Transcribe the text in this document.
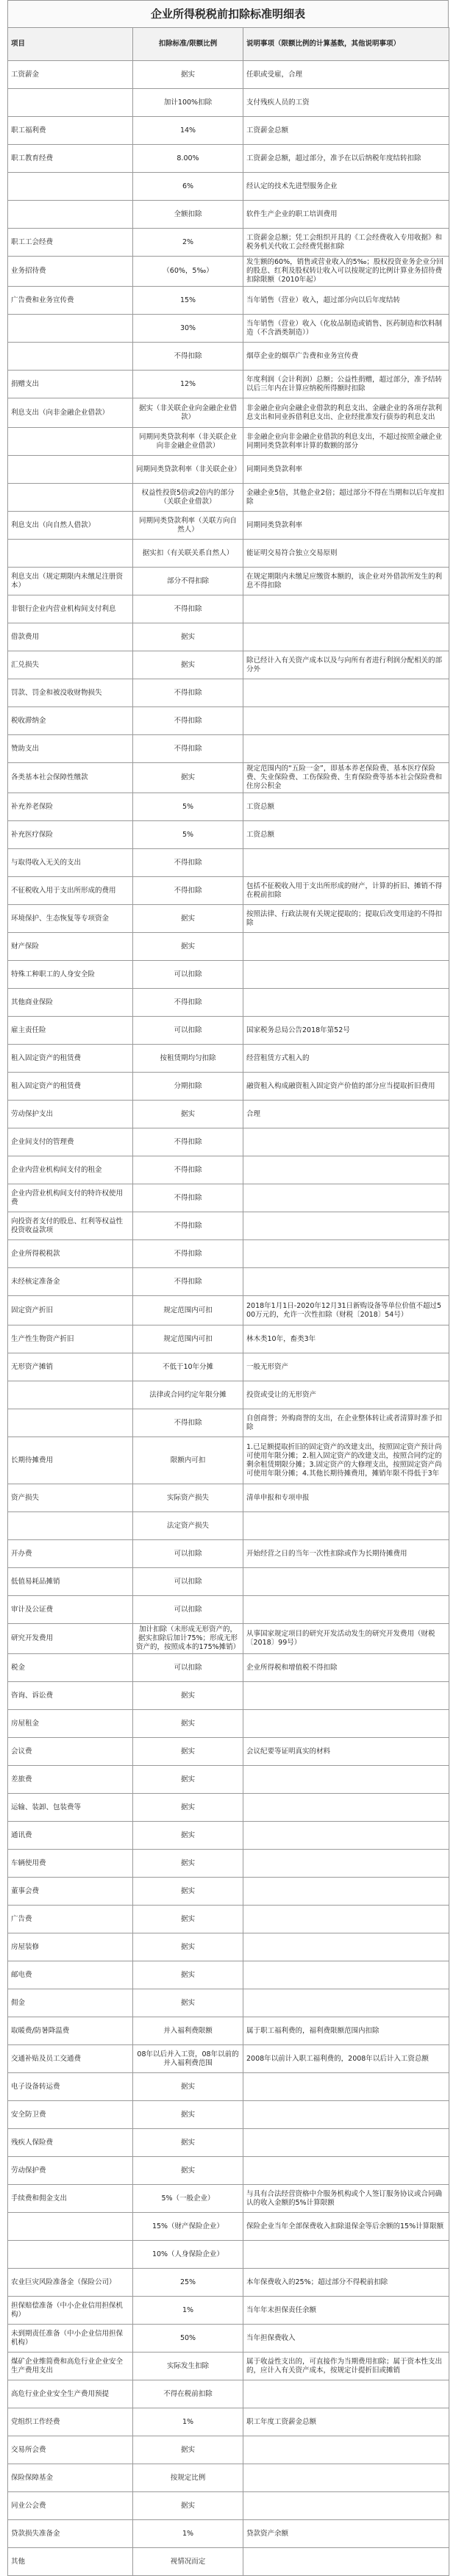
企业所得税税前扣除标准明细表
项目	扣除标准/限额比例	说明事项（限额比例的计算基数，其他说明事项）
工资薪金	据实	任职或受雇，合理
	加计100%扣除	支付残疾人员的工资
职工福利费	14%	工资薪金总额
职工教育经费	8.00%	工资薪金总额，超过部分，准予在以后纳税年度结转扣除
	6%	经认定的技术先进型服务企业
	全额扣除	软件生产企业的职工培训费用
职工工会经费	2%	工资薪金总额；凭工会组织开具的《工会经费收入专用收据》和税务机关代收工会经费凭据扣除
业务招待费	（60%，5‰）	发生额的60%，销售或营业收入的5‰；股权投资业务企业分回的股息、红利及股权转让收入可以按规定的比例计算业务招待费扣除限额（2010年起）
广告费和业务宣传费	15%	当年销售（营业）收入，超过部分向以后年度结转
	30%	当年销售（营业）收入（化妆品制造或销售、医药制造和饮料制造（不含酒类制造））
	不得扣除	烟草企业的烟草广告费和业务宣传费
捐赠支出	12%	年度利润（会计利润）总额；公益性捐赠，超过部分，准予结转以后三年内在计算应纳税所得额时扣除
利息支出（向非金融企业借款）	据实（非关联企业向金融企业借款）	非金融企业向金融企业借款的利息支出、金融企业的各项存款利息支出和同业拆借利息支出、企业经批准发行债券的利息支出
	同期同类贷款利率（非关联企业向非金融企业借款）	非金融企业向非金融企业借款的利息支出，不超过按照金融企业同期同类贷款利率计算的数额的部分
	同期同类贷款利率（非关联企业）	同期同类贷款利率
	权益性投资5倍或2倍内的部分（关联企业借款）	金融企业5倍，其他企业2倍；超过部分不得在当期和以后年度扣除
利息支出（向自然人借款）	同期同类贷款利率（关联方向自然人）	同期同类贷款利率
	据实扣（有关联关系自然人）	能证明交易符合独立交易原则
利息支出（规定期限内未缴足注册资本）	部分不得扣除	在规定期限内未缴足应缴资本额的，该企业对外借款所发生的利息不得扣除
非银行企业内营业机构间支付利息	不得扣除	
借款费用	据实	
汇兑损失	据实	除已经计入有关资产成本以及与向所有者进行利润分配相关的部分外
罚款、罚金和被没收财物损失	不得扣除	
税收滞纳金	不得扣除	
赞助支出	不得扣除	
各类基本社会保障性缴款	据实	规定范围内的“五险一金”，即基本养老保险费、基本医疗保险费、失业保险费、工伤保险费、生育保险费等基本社会保险费和住房公积金
补充养老保险	5%	工资总额
补充医疗保险	5%	工资总额
与取得收入无关的支出	不得扣除	
不征税收入用于支出所形成的费用	不得扣除	包括不征税收入用于支出所形成的财产，计算的折旧、摊销不得在税前扣除
环境保护、生态恢复等专项资金	据实	按照法律、行政法规有关规定提取的；提取后改变用途的不得扣除
财产保险	据实	
特殊工种职工的人身安全险	可以扣除	
其他商业保险	不得扣除	
雇主责任险	可以扣除	国家税务总局公告2018年第52号
租入固定资产的租赁费	按租赁期均匀扣除	经营租赁方式租入的
租入固定资产的租赁费	分期扣除	融资租入构成融资租入固定资产价值的部分应当提取折旧费用
劳动保护支出	据实	合理
企业间支付的管理费	不得扣除	
企业内营业机构间支付的租金	不得扣除	
企业内营业机构间支付的特许权使用费	不得扣除	
向投资者支付的股息、红利等权益性投资收益款项	不得扣除	
企业所得税税款	不得扣除	
未经核定准备金	不得扣除	
固定资产折旧	规定范围内可扣	2018年1月1日-2020年12月31日新购设备等单位价值不超过500万元的，允许一次性扣除（财税〔2018〕54号）
生产性生物资产折旧	规定范围内可扣	林木类10年，畜类3年
无形资产摊销	不低于10年分摊	一般无形资产
	法律或合同约定年限分摊	投资或受让的无形资产
	不得扣除	自创商誉；外购商誉的支出，在企业整体转让或者清算时准予扣除
长期待摊费用	限额内可扣	1.已足额提取折旧的固定资产的改建支出，按照固定资产预计尚可使用年限分摊；2.租入固定资产的改建支出，按照合同约定的剩余租赁期限分摊；3.固定资产的大修理支出，按照固定资产尚可使用年限分摊；4.其他长期待摊费用，摊销年限不得低于3年
资产损失	实际资产损失	清单申报和专项申报
	法定资产损失	
开办费	可以扣除	开始经营之日的当年一次性扣除或作为长期待摊费用
低值易耗品摊销	可以扣除	
审计及公证费	可以扣除	
研究开发费用	加计扣除（未形成无形资产的，据实扣除后加计75%；形成无形资产的，按照成本的175%摊销）	从事国家规定项目的研究开发活动发生的研究开发费用（财税〔2018〕99号）
税金	可以扣除	企业所得税和增值税不得扣除
咨询、诉讼费	据实	
房屋租金	据实	
会议费	据实	会议纪要等证明真实的材料
差旅费	据实	
运输、装卸、包装费等	据实	
通讯费	据实	
车辆使用费	据实	
董事会费	据实	
广告费	据实	
房屋装修	据实	
邮电费	据实	
佣金	据实	
取暖费/防暑降温费	并入福利费限额	属于职工福利费的，福利费限额范围内扣除
交通补贴及员工交通费	08年以后并入工资，08年以前的并入福利费范围	2008年以前计入职工福利费的，2008年以后计入工资总额
电子设备转运费	据实	
安全防卫费	据实	
残疾人保险费	据实	
劳动保护费	据实	
手续费和佣金支出	5%（一般企业）	与具有合法经营资格中介服务机构或个人签订服务协议或合同确认的收入金额的5%计算限额
	15%（财产保险企业）	保险企业当年全部保费收入扣除退保金等后余额的15%计算限额
	10%（人身保险企业）	
农业巨灾风险准备金（保险公司）	25%	本年保费收入的25%；超过部分不得税前扣除
担保赔偿准备（中小企业信用担保机构）	1%	当年年末担保责任余额
未到期责任准备（中小企业信用担保机构）	50%	当年担保费收入
煤矿企业维简费和高危行业企业安全生产费用支出	实际发生扣除	属于收益性支出的，可直接作为当期费用扣除；属于资本性支出的，应计入有关资产成本，按规定计提折旧或摊销
高危行业企业安全生产费用预提	不得在税前扣除	
党组织工作经费	1%	职工年度工资薪金总额
交易所会费	据实	
保险保障基金	按规定比例	
同业公会费	据实	
贷款损失准备金	1%	贷款资产余额
其他	视情况而定	
